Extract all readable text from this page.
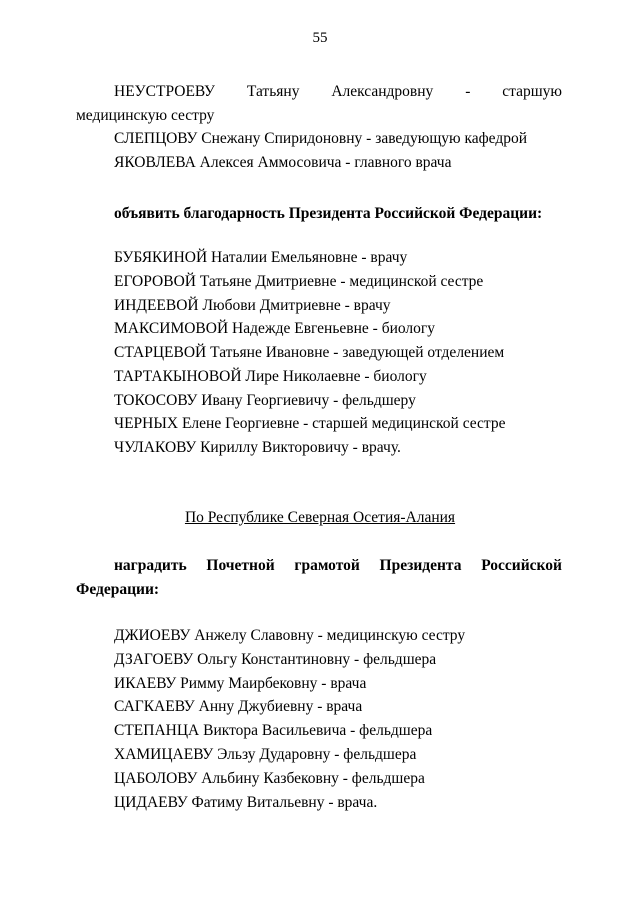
55
НЕУСТРОЕВУ Татьяну Александровну - старшую
медицинскую сестру
СЛЕПЦОВУ Снежану Спиридоновну - заведующую кафедрой
ЯКОВЛЕВА Алексея Аммосовича - главного врача
объявить благодарность Президента Российской Федерации:
БУБЯКИНОЙ Наталии Емельяновне - врачу
ЕГОРОВОЙ Татьяне Дмитриевне - медицинской сестре
ИНДЕЕВОЙ Любови Дмитриевне - врачу
МАКСИМОВОЙ Надежде Евгеньевне - биологу
СТАРЦЕВОЙ Татьяне Ивановне - заведующей отделением
ТАРТАКЫНОВОЙ Лире Николаевне - биологу
ТОКОСОВУ Ивану Георгиевичу - фельдшеру
ЧЕРНЫХ Елене Георгиевне - старшей медицинской сестре
ЧУЛАКОВУ Кириллу Викторовичу - врачу.
По Республике Северная Осетия-Алания
наградить Почетной грамотой Президента Российской
Федерации:
ДЖИОЕВУ Анжелу Славовну - медицинскую сестру
ДЗАГОЕВУ Ольгу Константиновну - фельдшера
ИКАЕВУ Римму Маирбековну - врача
САГКАЕВУ Анну Джубиевну - врача
СТЕПАНЦА Виктора Васильевича - фельдшера
ХАМИЦАЕВУ Эльзу Дударовну - фельдшера
ЦАБОЛОВУ Альбину Казбековну - фельдшера
ЦИДАЕВУ Фатиму Витальевну - врача.
